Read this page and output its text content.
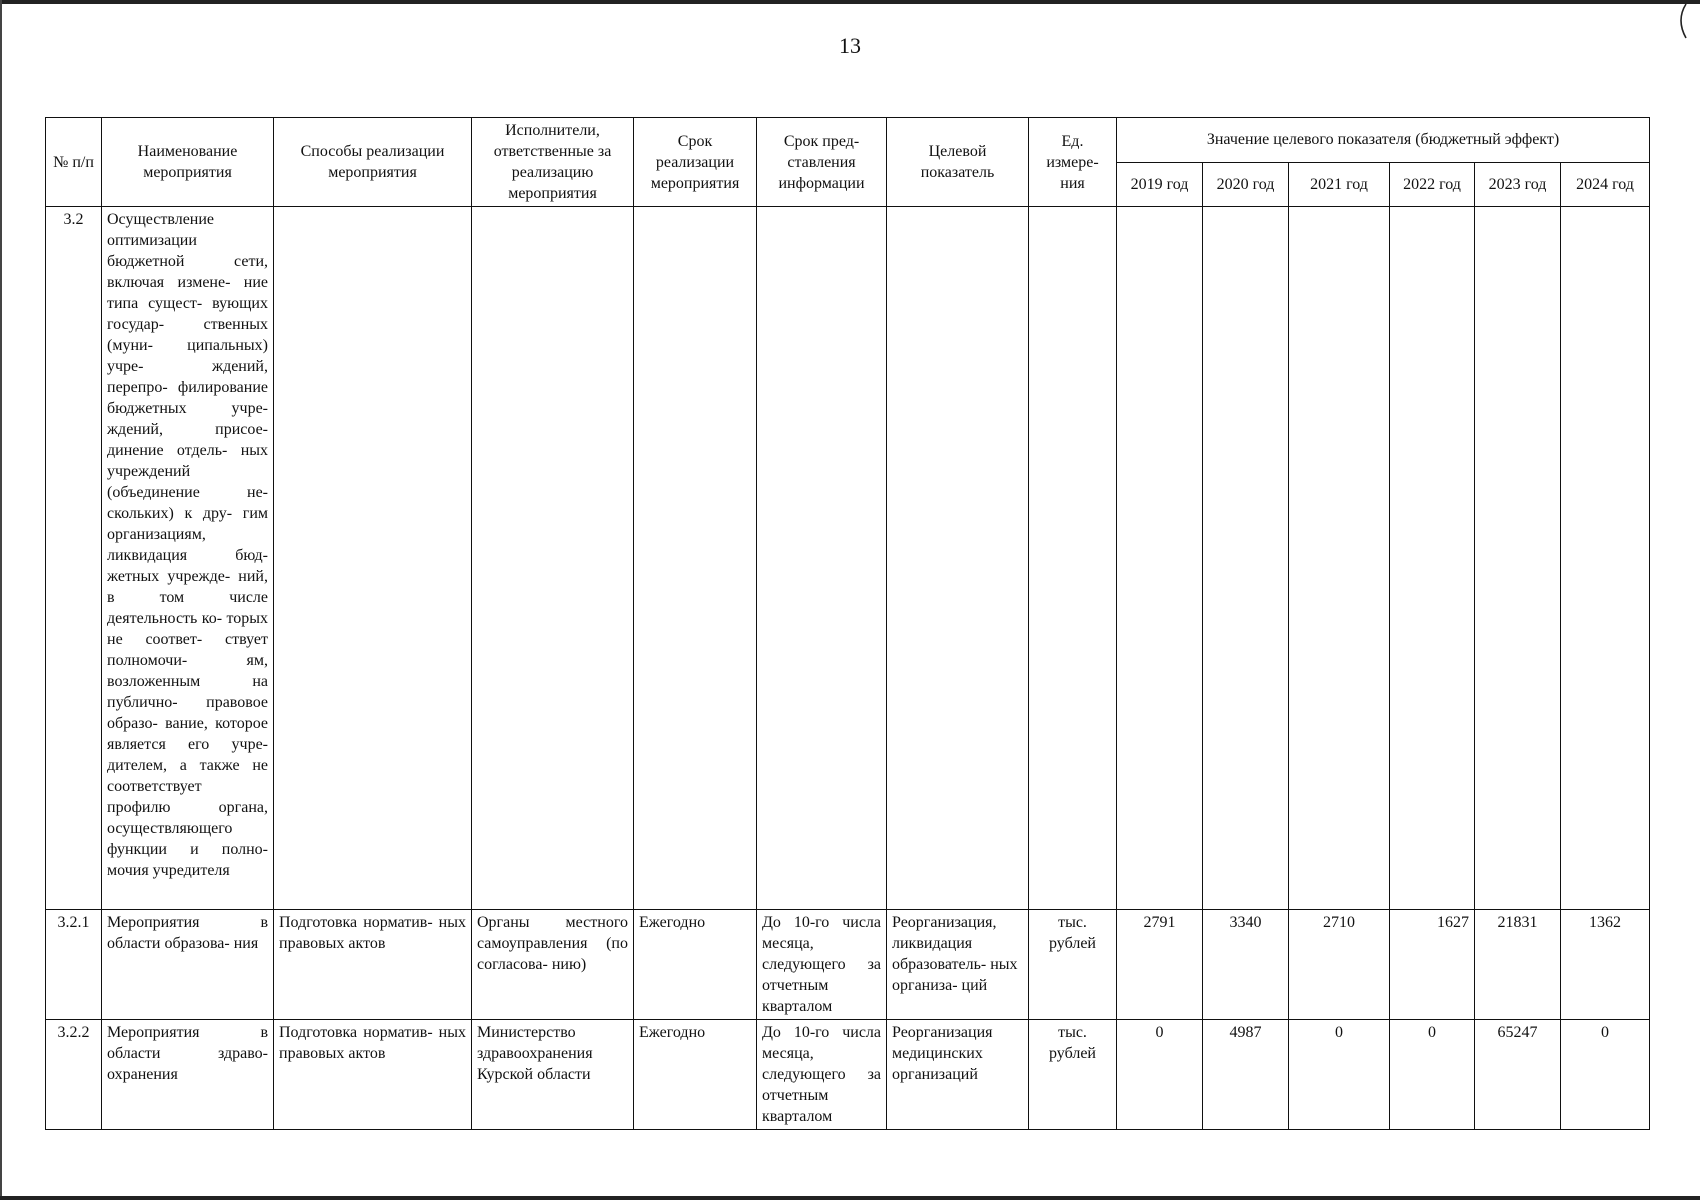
13
№ п/п	Наименование мероприятия	Способы реализации мероприятия	Исполнители, ответственные за реализацию мероприятия	Срок реализации мероприятия	Срок пред- ставления информации	Целевой показатель	Ед. измере- ния	Значение целевого показателя (бюджетный эффект)					
								2019 год	2020 год	2021 год	2022 год	2023 год	2024 год
3.2	Осуществление оптимизации бюджетной сети, включая измене- ние типа сущест- вующих государ- ственных (муни- ципальных) учре- ждений, перепро- филирование бюджетных учре- ждений, присое- динение отдель- ных учреждений (объединение не- скольких) к дру- гим организациям, ликвидация бюд- жетных учрежде- ний, в том числе деятельность ко- торых не соответ- ствует полномочи- ям, возложенным на публично- правовое образо- вание, которое является его учре- дителем, а также не соответствует профилю органа, осуществляющего функции и полно- мочия учредителя												
3.2.1	Мероприятия в области образова- ния	Подготовка норматив- ных правовых актов	Органы местного самоуправления (по согласова- нию)	Ежегодно	До 10-го числа месяца, следующего за отчетным кварталом	Реорганизация, ликвидация образователь- ных организа- ций	тыс. рублей	2791	3340	2710	1627	21831	1362
3.2.2	Мероприятия в области здраво- охранения	Подготовка норматив- ных правовых актов	Министерство здравоохранения Курской области	Ежегодно	До 10-го числа месяца, следующего за отчетным кварталом	Реорганизация медицинских организаций	тыс. рублей	0	4987	0	0	65247	0
